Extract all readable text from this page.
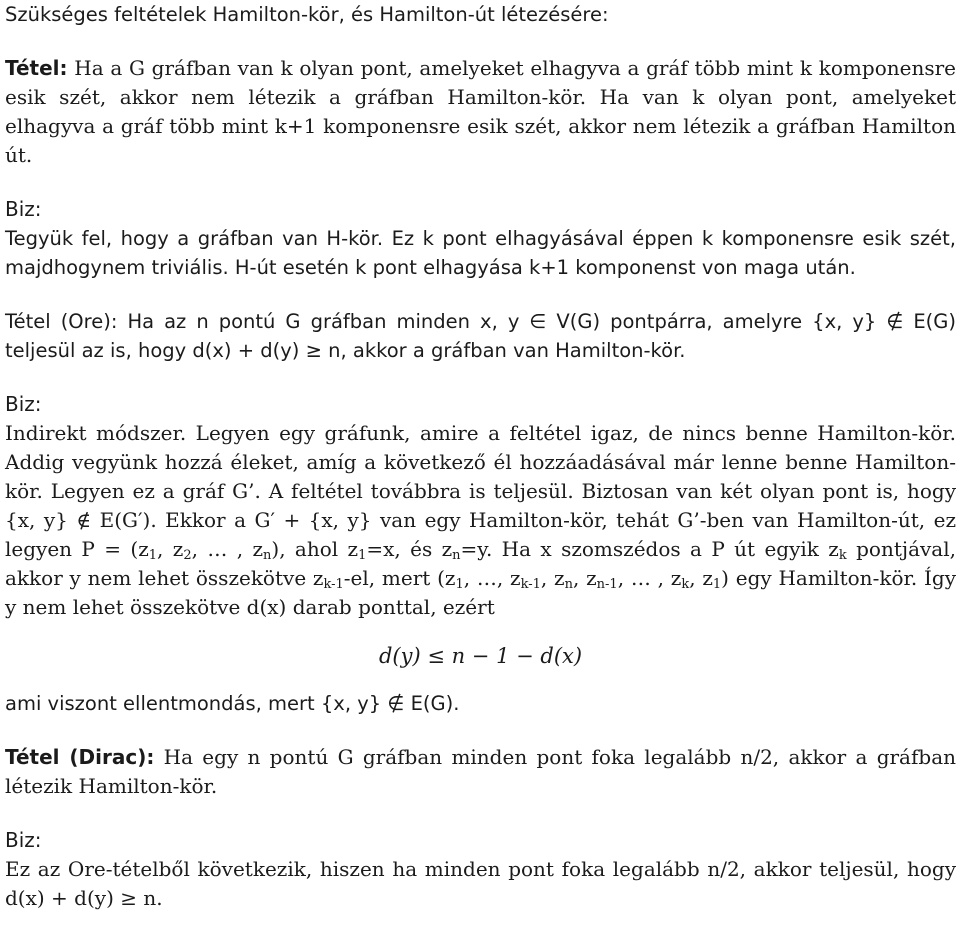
Szükséges feltételek Hamilton-kör, és Hamilton-út létezésére:

Tétel: Ha a G gráfban van k olyan pont, amelyeket elhagyva a gráf több mint k komponensre esik szét, akkor nem létezik a gráfban Hamilton-kör. Ha van k olyan pont, amelyeket elhagyva a gráf több mint k+1 komponensre esik szét, akkor nem létezik a gráfban Hamilton út.

Biz:

Tegyük fel, hogy a gráfban van H-kör. Ez k pont elhagyásával éppen k komponensre esik szét, majdhogynem triviális. H-út esetén k pont elhagyása k+1 komponenst von maga után.

Tétel (Ore): Ha az n pontú G gráfban minden x, y ∈ V(G) pontpárra, amelyre {x, y} ∉ E(G) teljesül az is, hogy d(x) + d(y) ≥ n, akkor a gráfban van Hamilton-kör.

Biz:

Indirekt módszer. Legyen egy gráfunk, amire a feltétel igaz, de nincs benne Hamilton-kör. Addig vegyünk hozzá éleket, amíg a következő él hozzáadásával már lenne benne Hamilton-kör. Legyen ez a gráf G’. A feltétel továbbra is teljesül. Biztosan van két olyan pont is, hogy {x, y} ∉ E(G′). Ekkor a G′ + {x, y} van egy Hamilton-kör, tehát G’-ben van Hamilton-út, ez legyen $P = (z_1$, $z_2$, … , $z_n$), ahol $z_1=x$, és $z_n=y$. Ha x szomszédos a P út egyik $z_k$ pontjával, akkor y nem lehet összekötve $z_{k-1}-el$, mert ($z_1$, …, $z_{k-1}$, $z_n$, $z_{n-1}$, … , $z_k$, $z_1$) egy Hamilton-kör. Így y nem lehet összekötve d(x) darab ponttal, ezért

d(y) ≤ n − 1 − d(x)

ami viszont ellentmondás, mert {x, y} ∉ E(G).

Tétel (Dirac): Ha egy n pontú G gráfban minden pont foka legalább n/2, akkor a gráfban létezik Hamilton-kör.

Biz:

Ez az Ore-tételből következik, hiszen ha minden pont foka legalább n/2, akkor teljesül, hogy d(x) + d(y) ≥ n.
